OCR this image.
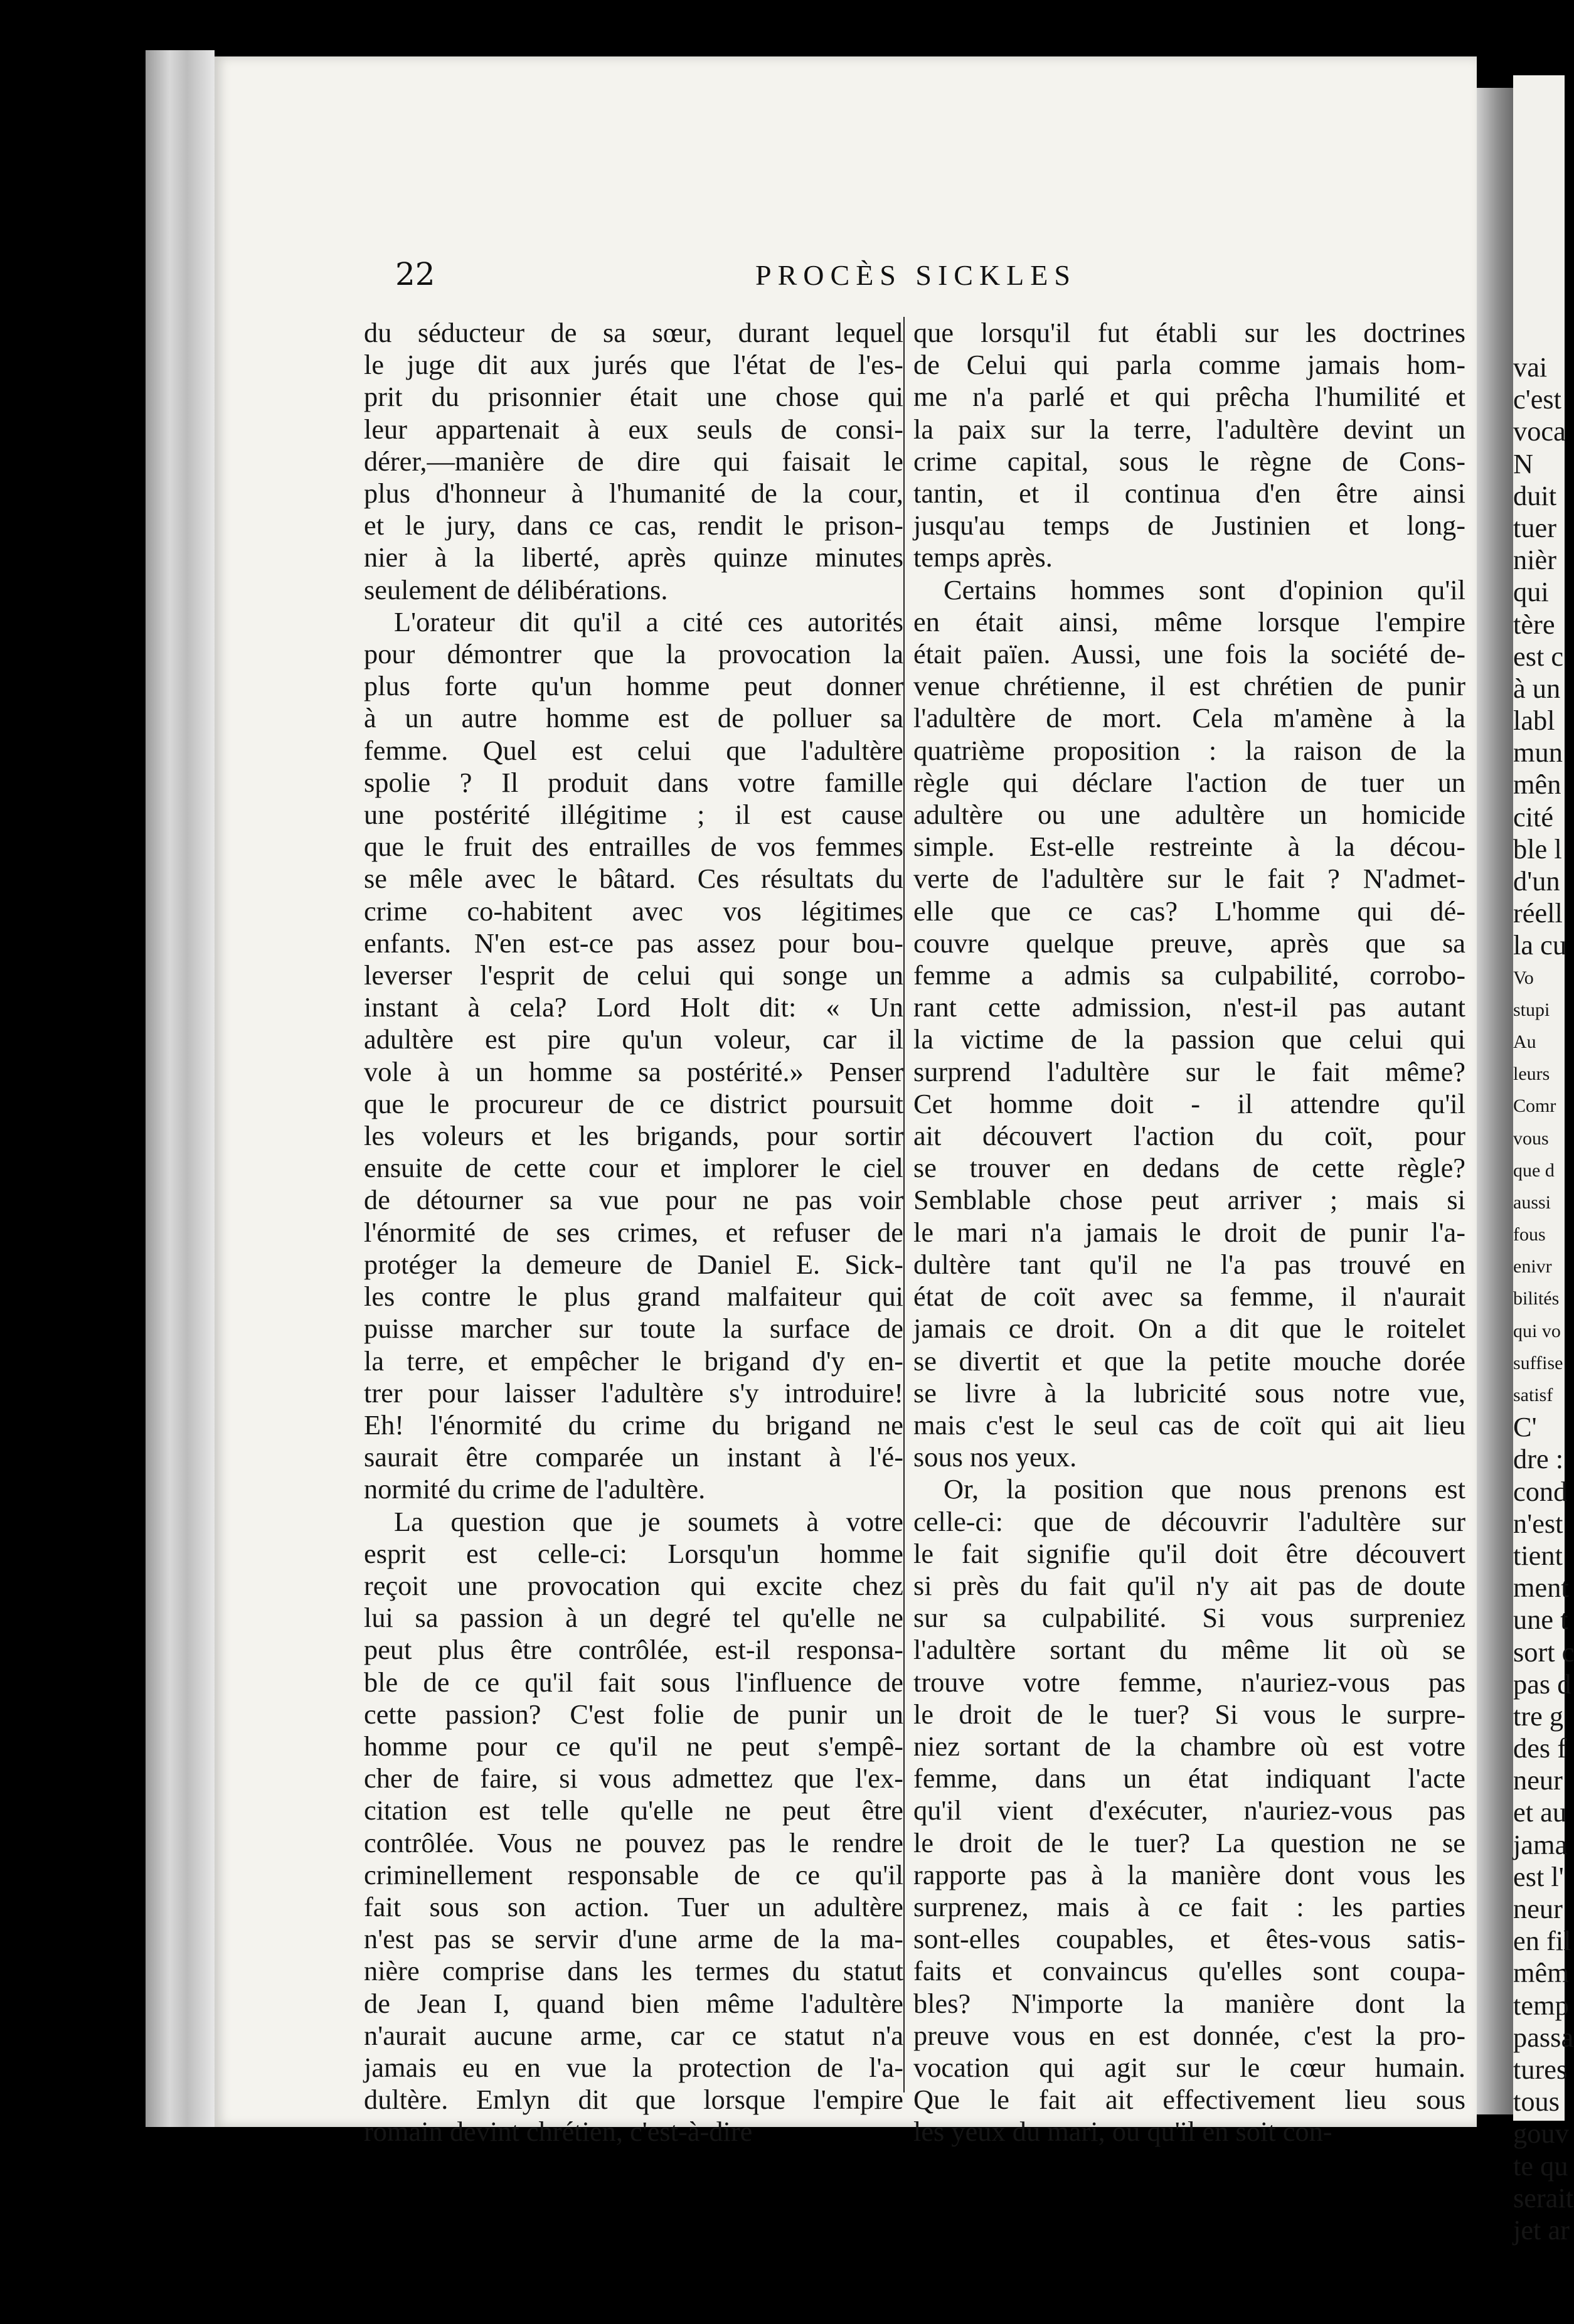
22	PROCÈS SICKLES
du séducteur de sa sœur, durant lequel
le juge dit aux jurés que l'état de l'es-
prit du prisonnier était une chose qui
leur appartenait à eux seuls de consi-
dérer,—manière de dire qui faisait le
plus d'honneur à l'humanité de la cour,
et le jury, dans ce cas, rendit le prison-
nier à la liberté, après quinze minutes
seulement de délibérations.
L'orateur dit qu'il a cité ces autorités
pour démontrer que la provocation la
plus forte qu'un homme peut donner
à un autre homme est de polluer sa
femme. Quel est celui que l'adultère
spolie ? Il produit dans votre famille
une postérité illégitime ; il est cause
que le fruit des entrailles de vos femmes
se mêle avec le bâtard. Ces résultats du
crime co-habitent avec vos légitimes
enfants. N'en est-ce pas assez pour bou-
leverser l'esprit de celui qui songe un
instant à cela? Lord Holt dit: « Un
adultère est pire qu'un voleur, car il
vole à un homme sa postérité.» Penser
que le procureur de ce district poursuit
les voleurs et les brigands, pour sortir
ensuite de cette cour et implorer le ciel
de détourner sa vue pour ne pas voir
l'énormité de ses crimes, et refuser de
protéger la demeure de Daniel E. Sick-
les contre le plus grand malfaiteur qui
puisse marcher sur toute la surface de
la terre, et empêcher le brigand d'y en-
trer pour laisser l'adultère s'y introduire!
Eh! l'énormité du crime du brigand ne
saurait être comparée un instant à l'é-
normité du crime de l'adultère.
La question que je soumets à votre
esprit est celle-ci: Lorsqu'un homme
reçoit une provocation qui excite chez
lui sa passion à un degré tel qu'elle ne
peut plus être contrôlée, est-il responsa-
ble de ce qu'il fait sous l'influence de
cette passion? C'est folie de punir un
homme pour ce qu'il ne peut s'empê-
cher de faire, si vous admettez que l'ex-
citation est telle qu'elle ne peut être
contrôlée. Vous ne pouvez pas le rendre
criminellement responsable de ce qu'il
fait sous son action. Tuer un adultère
n'est pas se servir d'une arme de la ma-
nière comprise dans les termes du statut
de Jean I, quand bien même l'adultère
n'aurait aucune arme, car ce statut n'a
jamais eu en vue la protection de l'a-
dultère. Emlyn dit que lorsque l'empire
romain devint chrétien, c'est-à-dire
que lorsqu'il fut établi sur les doctrines
de Celui qui parla comme jamais hom-
me n'a parlé et qui prêcha l'humilité et
la paix sur la terre, l'adultère devint un
crime capital, sous le règne de Cons-
tantin, et il continua d'en être ainsi
jusqu'au temps de Justinien et long-
temps après.
Certains hommes sont d'opinion qu'il
en était ainsi, même lorsque l'empire
était païen. Aussi, une fois la société de-
venue chrétienne, il est chrétien de punir
l'adultère de mort. Cela m'amène à la
quatrième proposition : la raison de la
règle qui déclare l'action de tuer un
adultère ou une adultère un homicide
simple. Est-elle restreinte à la décou-
verte de l'adultère sur le fait ? N'admet-
elle que ce cas? L'homme qui dé-
couvre quelque preuve, après que sa
femme a admis sa culpabilité, corrobo-
rant cette admission, n'est-il pas autant
la victime de la passion que celui qui
surprend l'adultère sur le fait même?
Cet homme doit - il attendre qu'il
ait découvert l'action du coït, pour
se trouver en dedans de cette règle?
Semblable chose peut arriver ; mais si
le mari n'a jamais le droit de punir l'a-
dultère tant qu'il ne l'a pas trouvé en
état de coït avec sa femme, il n'aurait
jamais ce droit. On a dit que le roitelet
se divertit et que la petite mouche dorée
se livre à la lubricité sous notre vue,
mais c'est le seul cas de coït qui ait lieu
sous nos yeux.
Or, la position que nous prenons est
celle-ci: que de découvrir l'adultère sur
le fait signifie qu'il doit être découvert
si près du fait qu'il n'y ait pas de doute
sur sa culpabilité. Si vous surpreniez
l'adultère sortant du même lit où se
trouve votre femme, n'auriez-vous pas
le droit de le tuer? Si vous le surpre-
niez sortant de la chambre où est votre
femme, dans un état indiquant l'acte
qu'il vient d'exécuter, n'auriez-vous pas
le droit de le tuer? La question ne se
rapporte pas à la manière dont vous les
surprenez, mais à ce fait : les parties
sont-elles coupables, et êtes-vous satis-
faits et convaincus qu'elles sont coupa-
bles? N'importe la manière dont la
preuve vous en est donnée, c'est la pro-
vocation qui agit sur le cœur humain.
Que le fait ait effectivement lieu sous
les yeux du mari, ou qu'il en soit con-
vai
c'est
voca
N
duit
tuer
nièr
qui
tère
est c
à un
labl
mun
mên
cité
ble l
d'un
réell
la cu
Vo
stupi
Au
leurs
Comr
vous
que d
aussi
fous
enivr
bilités
qui vo
suffise
satisf
C'
dre :
cond
n'est
tient
ment
une t
sort c
pas d
tre g
des f
neur
et au
jama
est l'
neur
en fil
mêm
temp
passa
tures
tous
gouv
te qu
serait
jet ar
